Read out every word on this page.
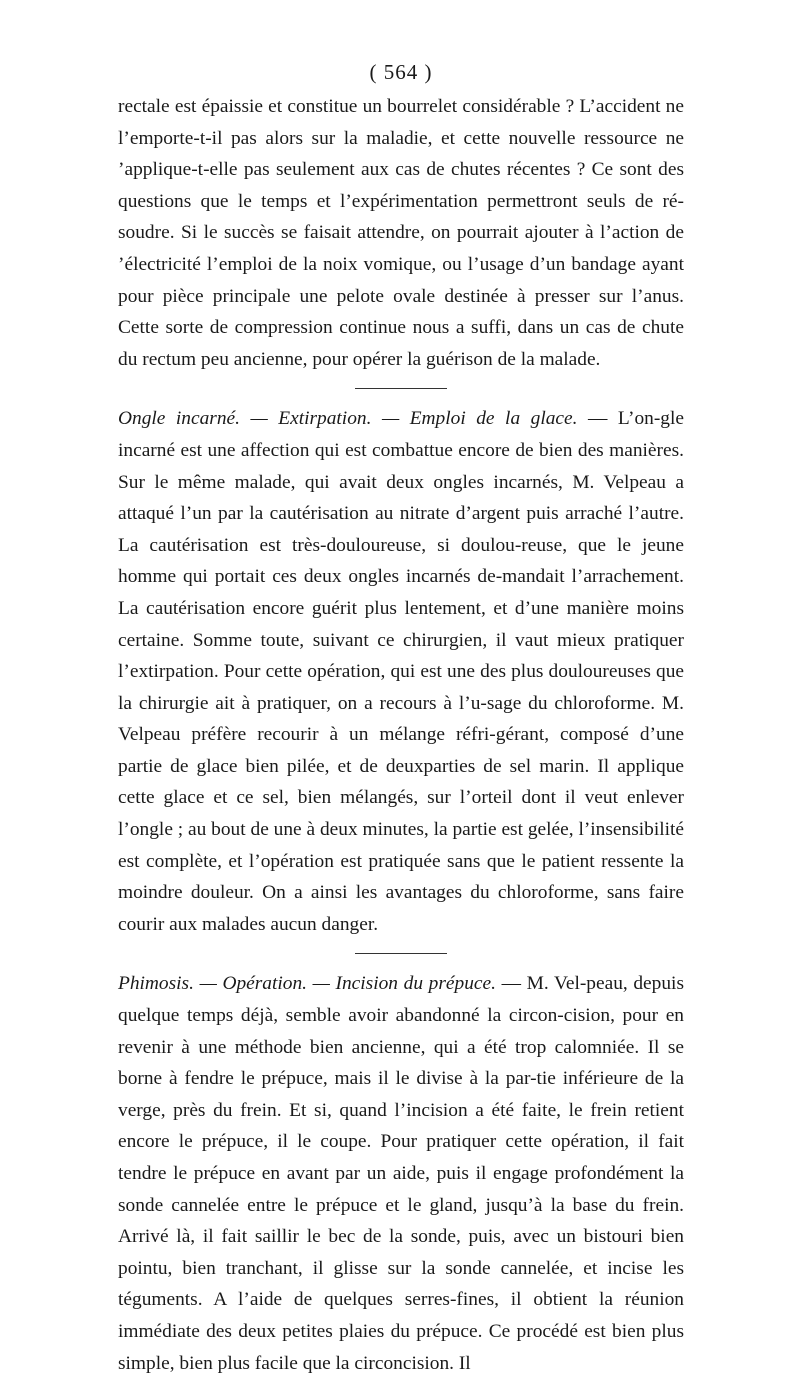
( 564 )

rectale est épaissie et constitue un bourrelet considérable ? L’accident ne l’emporte-t-il pas alors sur la maladie, et cette nouvelle ressource ne ’applique-t-elle pas seulement aux cas de chutes récentes ? Ce sont des questions que le temps et l’expérimentation permettront seuls de ré-soudre. Si le succès se faisait attendre, on pourrait ajouter à l’action de ’électricité l’emploi de la noix vomique, ou l’usage d’un bandage ayant pour pièce principale une pelote ovale destinée à presser sur l’anus. Cette sorte de compression continue nous a suffi, dans un cas de chute du rectum peu ancienne, pour opérer la guérison de la malade.

Ongle incarné. — Extirpation. — Emploi de la glace. — L’on-gle incarné est une affection qui est combattue encore de bien des manières. Sur le même malade, qui avait deux ongles incarnés, M. Velpeau a attaqué l’un par la cautérisation au nitrate d’argent puis arraché l’autre. La cautérisation est très-douloureuse, si doulou-reuse, que le jeune homme qui portait ces deux ongles incarnés de-mandait l’arrachement. La cautérisation encore guérit plus lentement, et d’une manière moins certaine. Somme toute, suivant ce chirurgien, il vaut mieux pratiquer l’extirpation. Pour cette opération, qui est une des plus douloureuses que la chirurgie ait à pratiquer, on a recours à l’u-sage du chloroforme. M. Velpeau préfère recourir à un mélange réfri-gérant, composé d’une partie de glace bien pilée, et de deuxparties de sel marin. Il applique cette glace et ce sel, bien mélangés, sur l’orteil dont il veut enlever l’ongle ; au bout de une à deux minutes, la partie est gelée, l’insensibilité est complète, et l’opération est pratiquée sans que le patient ressente la moindre douleur. On a ainsi les avantages du chloroforme, sans faire courir aux malades aucun danger.

Phimosis. — Opération. — Incision du prépuce. — M. Vel-peau, depuis quelque temps déjà, semble avoir abandonné la circon-cision, pour en revenir à une méthode bien ancienne, qui a été trop calomniée. Il se borne à fendre le prépuce, mais il le divise à la par-tie inférieure de la verge, près du frein. Et si, quand l’incision a été faite, le frein retient encore le prépuce, il le coupe. Pour pratiquer cette opération, il fait tendre le prépuce en avant par un aide, puis il engage profondément la sonde cannelée entre le prépuce et le gland, jusqu’à la base du frein. Arrivé là, il fait saillir le bec de la sonde, puis, avec un bistouri bien pointu, bien tranchant, il glisse sur la sonde cannelée, et incise les téguments. A l’aide de quelques serres-fines, il obtient la réunion immédiate des deux petites plaies du prépuce. Ce procédé est bien plus simple, bien plus facile que la circoncision. Il
